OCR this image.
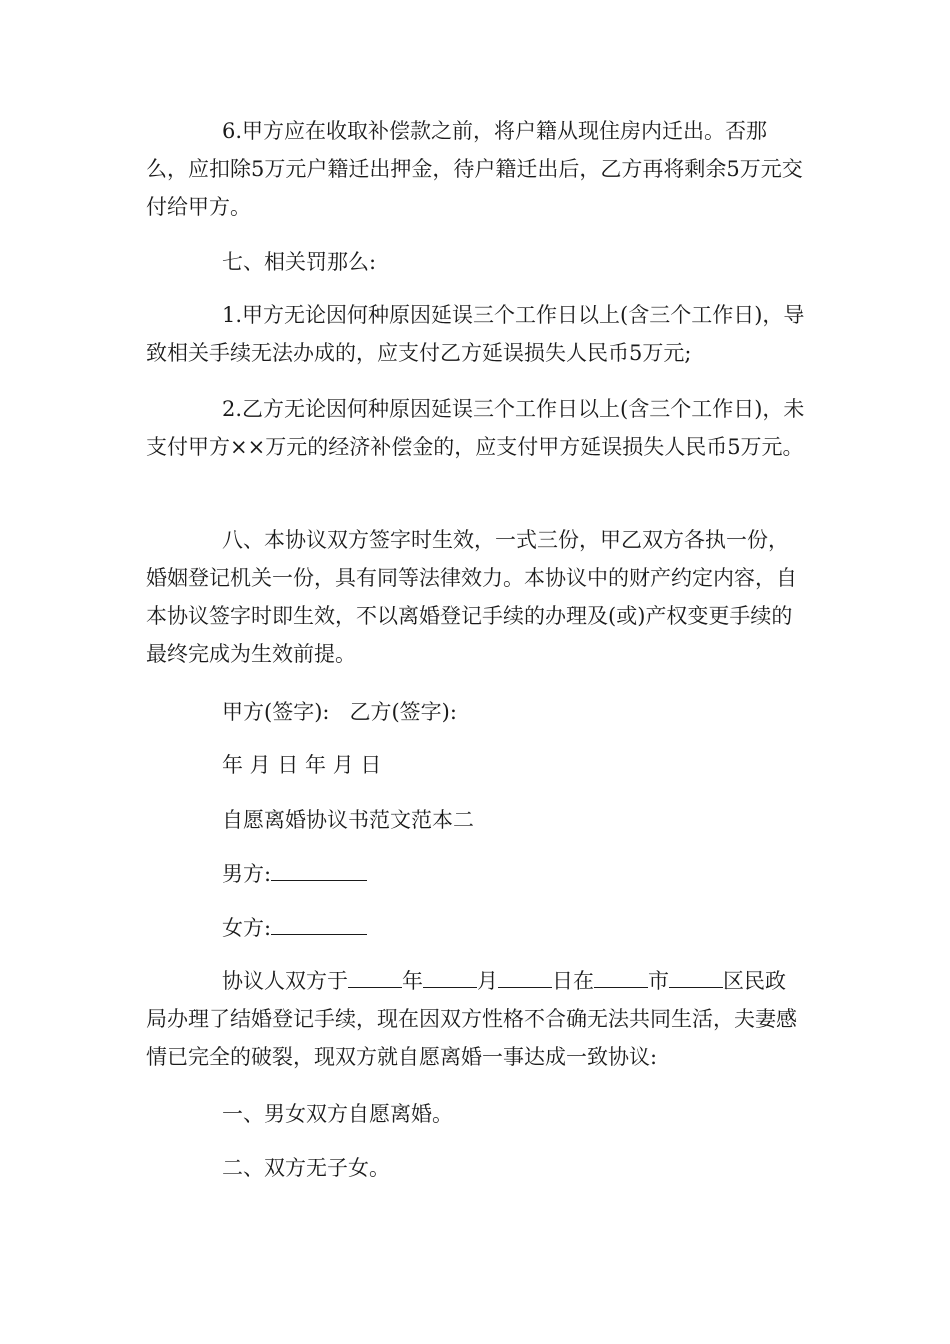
6.甲方应在收取补偿款之前，将户籍从现住房内迁出。否那么，应扣除5万元户籍迁出押金，待户籍迁出后，乙方再将剩余5万元交付给甲方。

七、相关罚那么:

1.甲方无论因何种原因延误三个工作日以上(含三个工作日)，导致相关手续无法办成的，应支付乙方延误损失人民币5万元;

2.乙方无论因何种原因延误三个工作日以上(含三个工作日)，未支付甲方××万元的经济补偿金的，应支付甲方延误损失人民币5万元。

八、本协议双方签字时生效，一式三份，甲乙双方各执一份，婚姻登记机关一份，具有同等法律效力。本协议中的财产约定内容，自本协议签字时即生效，不以离婚登记手续的办理及(或)产权变更手续的最终完成为生效前提。

甲方(签字):   乙方(签字):

年 月 日 年 月 日

自愿离婚协议书范文范本二

男方:

女方:

协议人双方于	年	月	日在	市	区民政局办理了结婚登记手续，现在因双方性格不合确无法共同生活，夫妻感情已完全的破裂，现双方就自愿离婚一事达成一致协议:

一、男女双方自愿离婚。

二、双方无子女。
